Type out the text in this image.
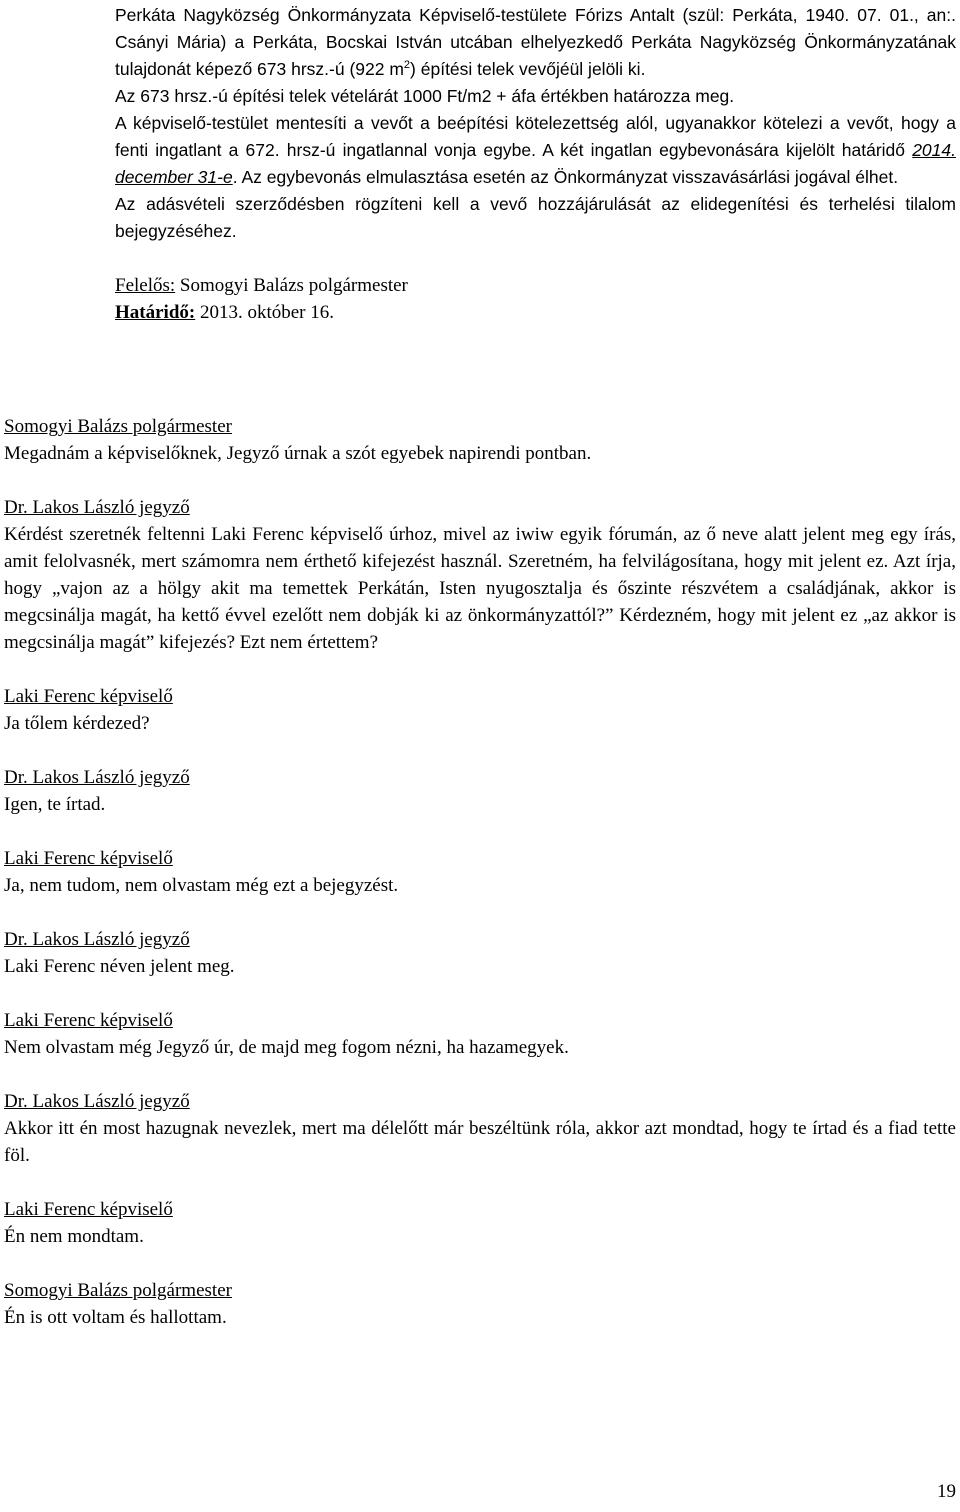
Perkáta Nagyközség Önkormányzata Képviselő-testülete Fórizs Antalt (szül: Perkáta, 1940. 07. 01., an:. Csányi Mária) a Perkáta, Bocskai István utcában elhelyezkedő Perkáta Nagyközség Önkormányzatának tulajdonát képező 673 hrsz.-ú (922 $m^2$) építési telek vevőjéül jelöli ki.

Az 673 hrsz.-ú építési telek vételárát 1000 Ft/m2 + áfa értékben határozza meg.

A képviselő-testület mentesíti a vevőt a beépítési kötelezettség alól, ugyanakkor kötelezi a vevőt, hogy a fenti ingatlant a 672. hrsz-ú ingatlannal vonja egybe. A két ingatlan egybevonására kijelölt határidő 2014. december 31-e. Az egybevonás elmulasztása esetén az Önkormányzat visszavásárlási jogával élhet.

Az adásvételi szerződésben rögzíteni kell a vevő hozzájárulását az elidegenítési és terhelési tilalom bejegyzéséhez.

Felelős: Somogyi Balázs polgármester

Határidő: 2013. október 16.

Somogyi Balázs polgármester

Megadnám a képviselőknek, Jegyző úrnak a szót egyebek napirendi pontban.

Dr. Lakos László jegyző

Kérdést szeretnék feltenni Laki Ferenc képviselő úrhoz, mivel az iwiw egyik fórumán, az ő neve alatt jelent meg egy írás, amit felolvasnék, mert számomra nem érthető kifejezést használ. Szeretném, ha felvilágosítana, hogy mit jelent ez. Azt írja, hogy „vajon az a hölgy akit ma temettek Perkátán, Isten nyugosztalja és őszinte részvétem a családjának, akkor is megcsinálja magát, ha kettő évvel ezelőtt nem dobják ki az önkormányzattól?” Kérdezném, hogy mit jelent ez „az akkor is megcsinálja magát” kifejezés? Ezt nem értettem?

Laki Ferenc képviselő

Ja tőlem kérdezed?

Dr. Lakos László jegyző

Igen, te írtad.

Laki Ferenc képviselő

Ja, nem tudom, nem olvastam még ezt a bejegyzést.

Dr. Lakos László jegyző

Laki Ferenc néven jelent meg.

Laki Ferenc képviselő

Nem olvastam még Jegyző úr, de majd meg fogom nézni, ha hazamegyek.

Dr. Lakos László jegyző

Akkor itt én most hazugnak nevezlek, mert ma délelőtt már beszéltünk róla, akkor azt mondtad, hogy te írtad és a fiad tette föl.

Laki Ferenc képviselő

Én nem mondtam.

Somogyi Balázs polgármester

Én is ott voltam és hallottam.

19
